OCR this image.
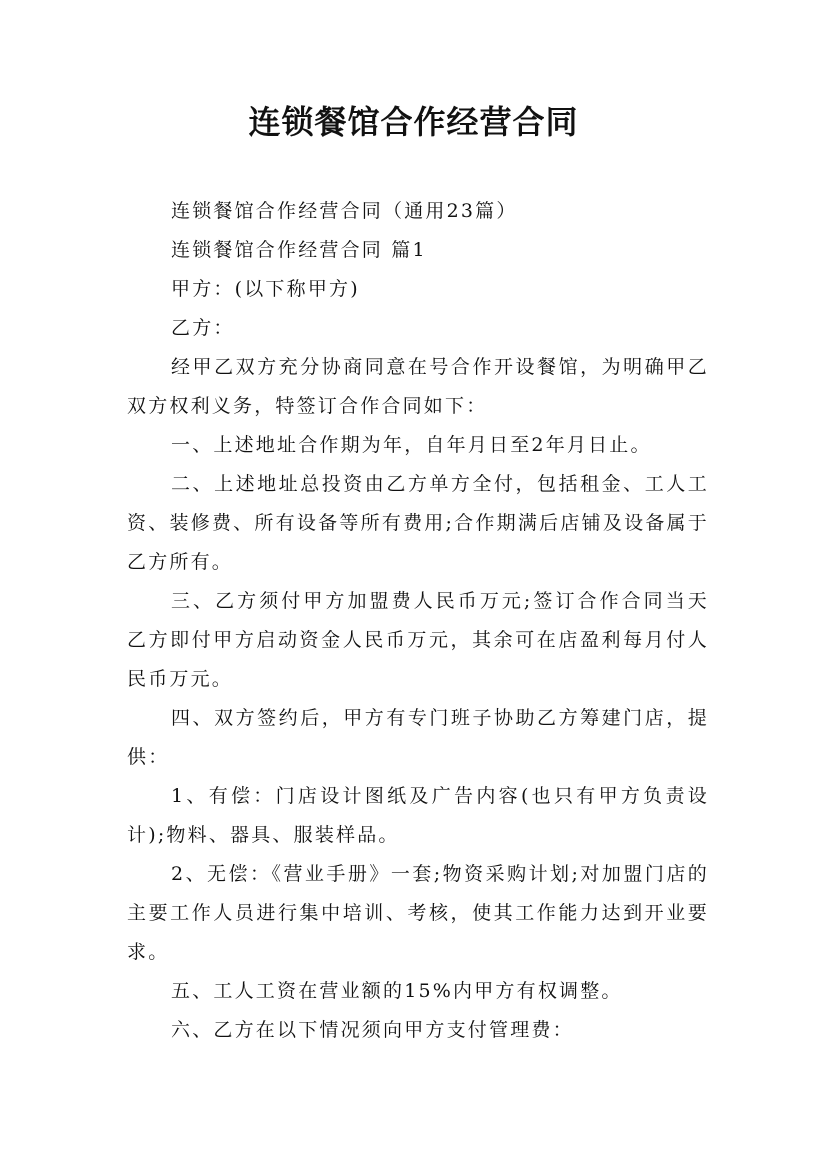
连锁餐馆合作经营合同

连锁餐馆合作经营合同（通用23篇）

连锁餐馆合作经营合同 篇1

甲方：(以下称甲方)

乙方：

经甲乙双方充分协商同意在号合作开设餐馆，为明确甲乙双方权利义务，特签订合作合同如下：

一、上述地址合作期为年，自年月日至2年月日止。

二、上述地址总投资由乙方单方全付，包括租金、工人工资、装修费、所有设备等所有费用;合作期满后店铺及设备属于乙方所有。

三、乙方须付甲方加盟费人民币万元;签订合作合同当天乙方即付甲方启动资金人民币万元，其余可在店盈利每月付人民币万元。

四、双方签约后，甲方有专门班子协助乙方筹建门店，提供：

1、有偿：门店设计图纸及广告内容(也只有甲方负责设计);物料、器具、服装样品。

2、无偿：《营业手册》一套;物资采购计划;对加盟门店的主要工作人员进行集中培训、考核，使其工作能力达到开业要求。

五、工人工资在营业额的15%内甲方有权调整。

六、乙方在以下情况须向甲方支付管理费：
